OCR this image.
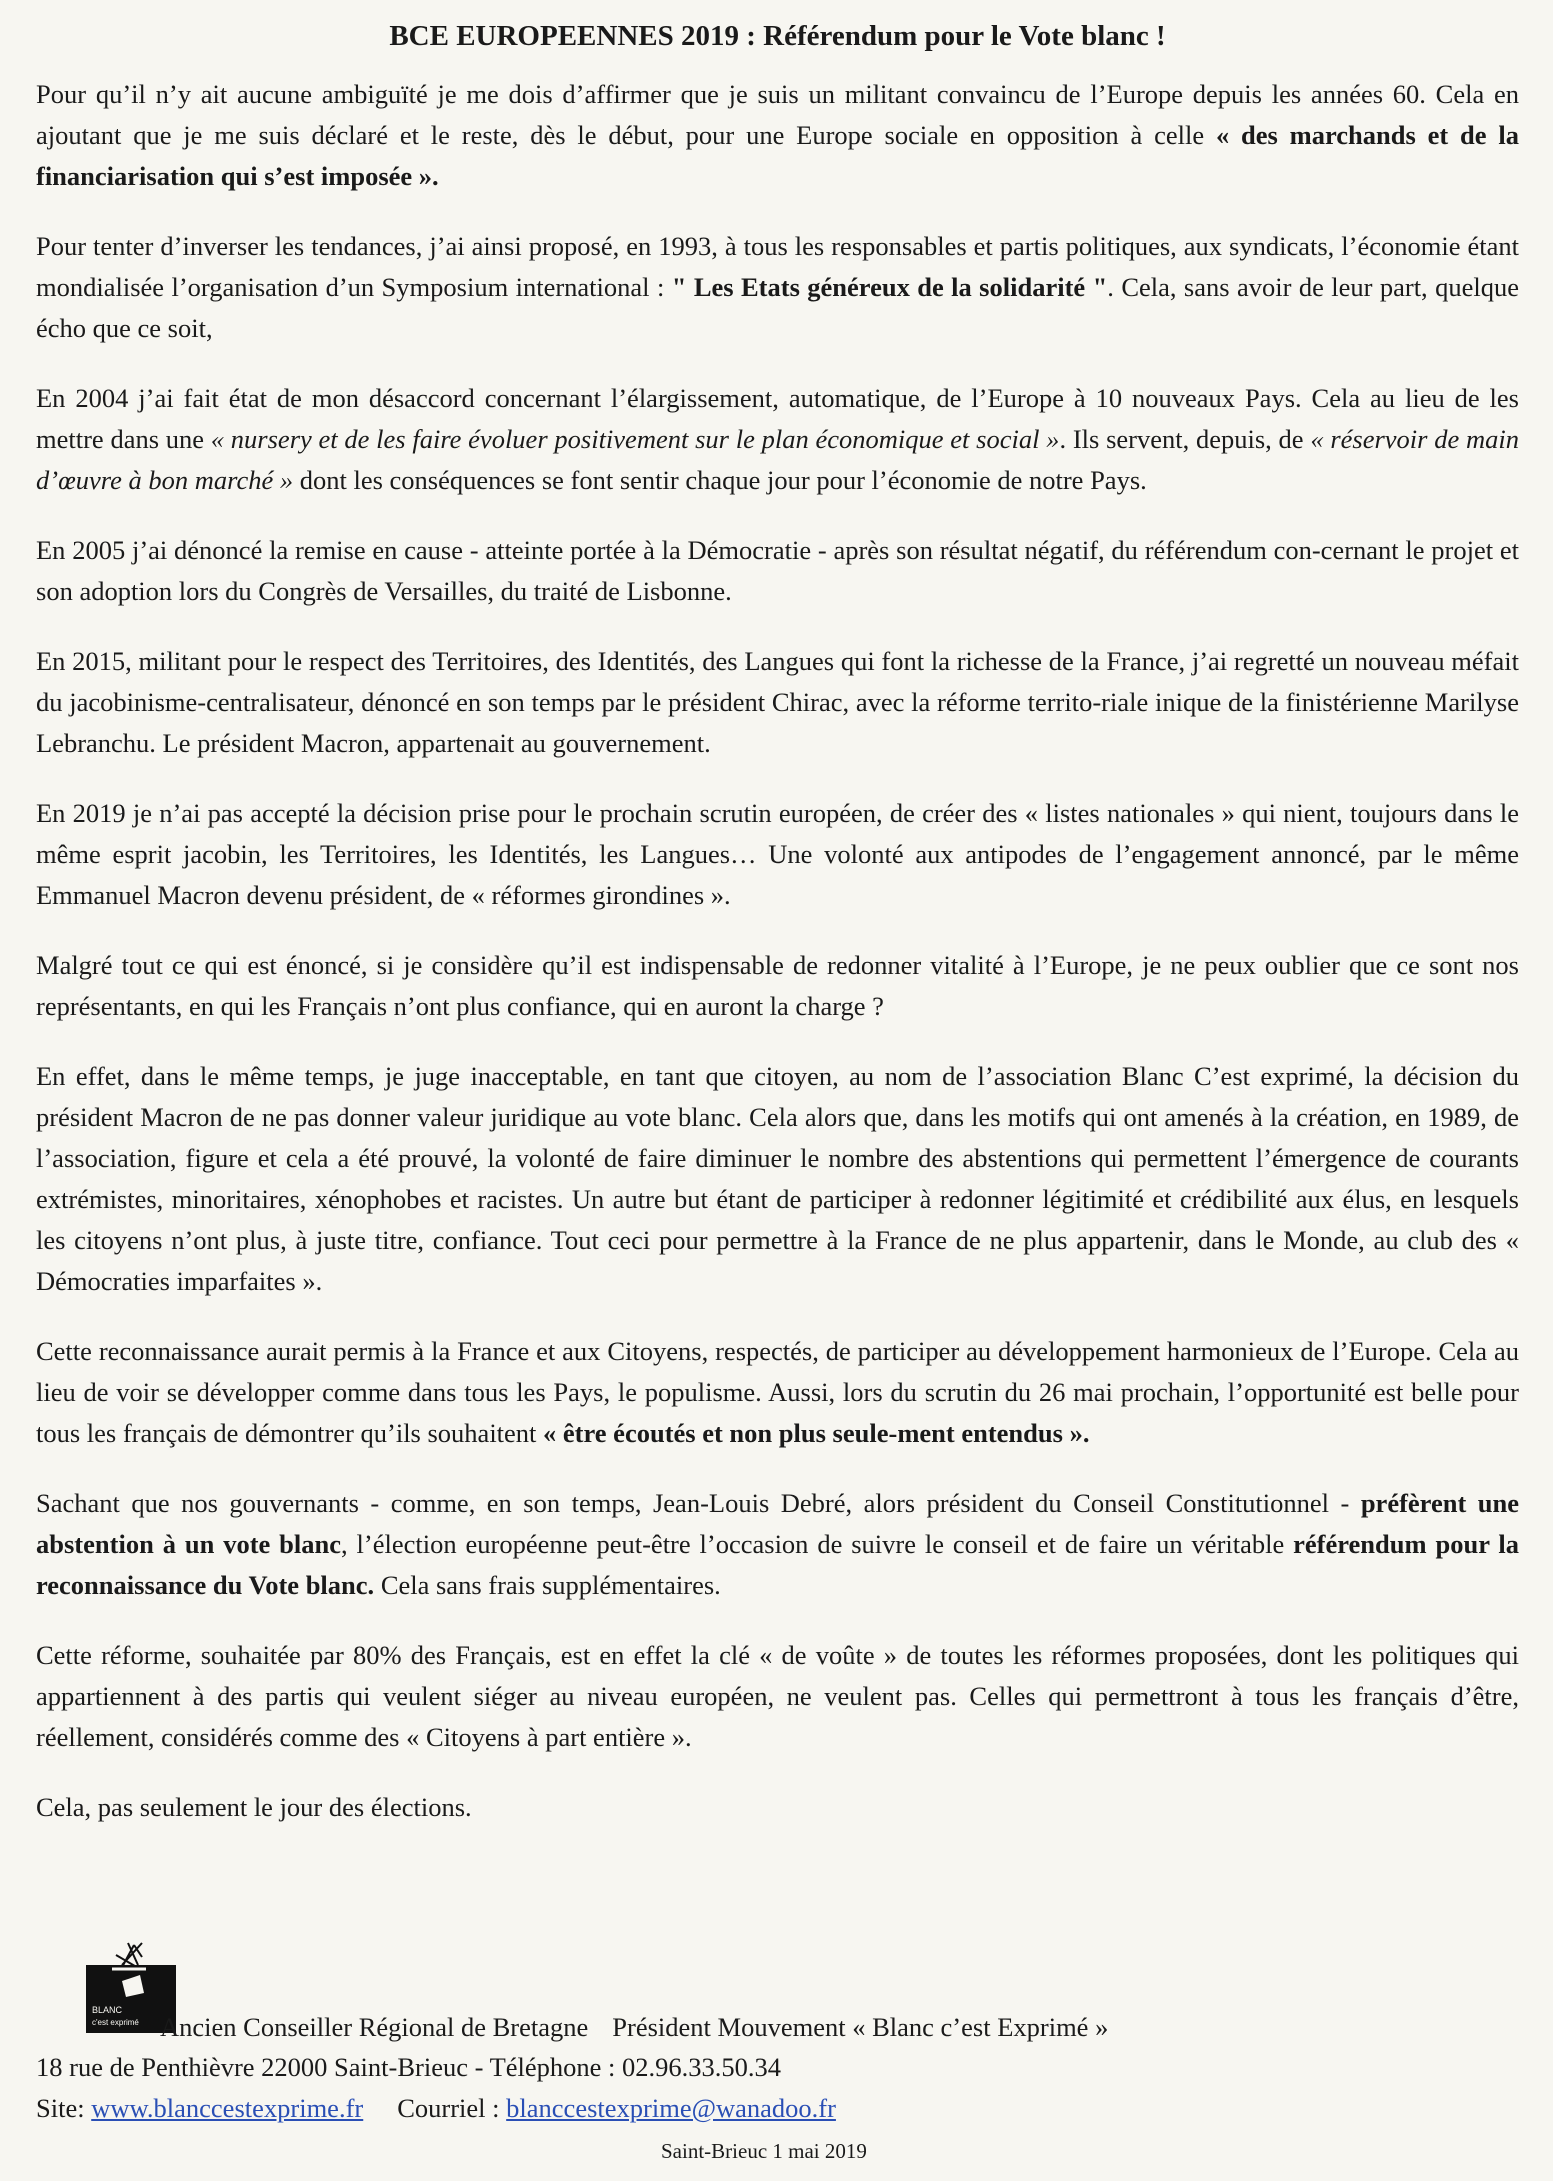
BCE EUROPEENNES 2019 : Référendum pour le Vote blanc !

Pour qu’il n’y ait aucune ambiguïté je me dois d’affirmer que je suis un militant convaincu de l’Europe depuis les années 60. Cela en ajoutant que je me suis déclaré et le reste, dès le début, pour une Europe sociale en opposition à celle « des marchands et de la financiarisation qui s’est imposée ».

Pour tenter d’inverser les tendances, j’ai ainsi proposé, en 1993, à tous les responsables et partis politiques, aux syndicats, l’économie étant mondialisée l’organisation d’un Symposium international : " Les Etats généreux de la solidarité ". Cela, sans avoir de leur part, quelque écho que ce soit,

En 2004 j’ai fait état de mon désaccord concernant l’élargissement, automatique, de l’Europe à 10 nouveaux Pays. Cela au lieu de les mettre dans une « nursery et de les faire évoluer positivement sur le plan économique et social ». Ils servent, depuis, de « réservoir de main d’œuvre à bon marché » dont les conséquences se font sentir chaque jour pour l’économie de notre Pays.

En 2005 j’ai dénoncé la remise en cause - atteinte portée à la Démocratie - après son résultat négatif, du référendum con-cernant le projet et son adoption lors du Congrès de Versailles, du traité de Lisbonne.

En 2015, militant pour le respect des Territoires, des Identités, des Langues qui font la richesse de la France, j’ai regretté un nouveau méfait du jacobinisme-centralisateur, dénoncé en son temps par le président Chirac, avec la réforme territo-riale inique de la finistérienne Marilyse Lebranchu. Le président Macron, appartenait au gouvernement.

En 2019 je n’ai pas accepté la décision prise pour le prochain scrutin européen, de créer des « listes nationales » qui nient, toujours dans le même esprit jacobin, les Territoires, les Identités, les Langues… Une volonté aux antipodes de l’engagement annoncé, par le même Emmanuel Macron devenu président, de « réformes girondines ».

Malgré tout ce qui est énoncé, si je considère qu’il est indispensable de redonner vitalité à l’Europe, je ne peux oublier que ce sont nos représentants, en qui les Français n’ont plus confiance, qui en auront la charge ?

En effet, dans le même temps, je juge inacceptable, en tant que citoyen, au nom de l’association Blanc C’est exprimé, la décision du président Macron de ne pas donner valeur juridique au vote blanc. Cela alors que, dans les motifs qui ont amenés à la création, en 1989, de l’association, figure et cela a été prouvé, la volonté de faire diminuer le nombre des abstentions qui permettent l’émergence de courants extrémistes, minoritaires, xénophobes et racistes. Un autre but étant de participer à redonner légitimité et crédibilité aux élus, en lesquels les citoyens n’ont plus, à juste titre, confiance. Tout ceci pour permettre à la France de ne plus appartenir, dans le Monde, au club des « Démocraties imparfaites ».

Cette reconnaissance aurait permis à la France et aux Citoyens, respectés, de participer au développement harmonieux de l’Europe. Cela au lieu de voir se développer comme dans tous les Pays, le populisme. Aussi, lors du scrutin du 26 mai prochain, l’opportunité est belle pour tous les français de démontrer qu’ils souhaitent « être écoutés et non plus seule-ment entendus ».

Sachant que nos gouvernants - comme, en son temps, Jean-Louis Debré, alors président du Conseil Constitutionnel - préfèrent une abstention à un vote blanc, l’élection européenne peut-être l’occasion de suivre le conseil et de faire un véritable référendum pour la reconnaissance du Vote blanc. Cela sans frais supplémentaires.

Cette réforme, souhaitée par 80% des Français, est en effet la clé « de voûte » de toutes les réformes proposées, dont les politiques qui appartiennent à des partis qui veulent siéger au niveau européen, ne veulent pas. Celles qui permettront à tous les français d’être, réellement, considérés comme des « Citoyens à part entière ».

Cela, pas seulement le jour des élections.

BLANC
c'est exprimé Ancien Conseiller Régional de Bretagne Président Mouvement « Blanc c’est Exprimé »
18 rue de Penthièvre 22000 Saint-Brieuc - Téléphone : 02.96.33.50.34
Site: www.blanccestexprime.fr Courriel : blanccestexprime@wanadoo.fr
Saint-Brieuc 1 mai 2019
